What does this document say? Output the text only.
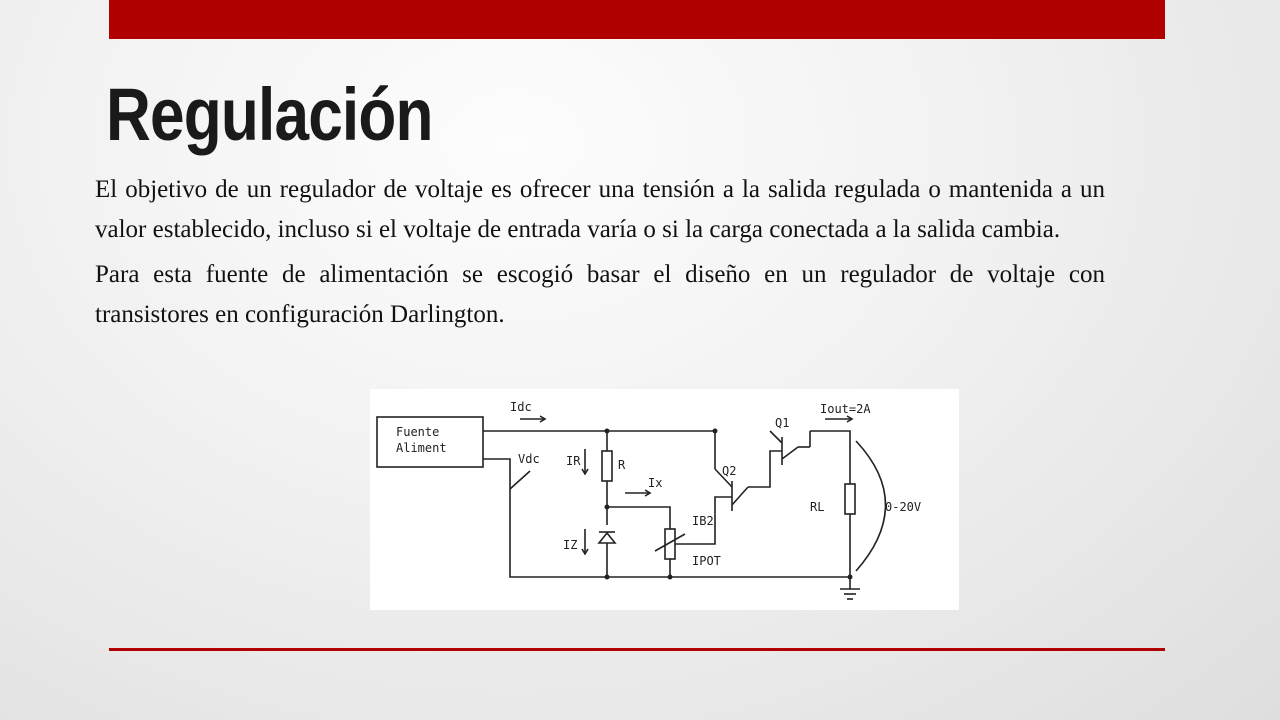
Regulación

El objetivo de un regulador de voltaje es ofrecer una tensión a la salida regulada o mantenida a un valor establecido, incluso si el voltaje de entrada varía o si la carga conectada a la salida cambia.

Para esta fuente de alimentación se escogió basar el diseño en un regulador de voltaje con transistores en configuración Darlington.

Fuente
Aliment
Idc
Vdc IR	R
Ix
IZ
IB2
IPOT
Q2
Q1
Iout=2A
RL	0-20V
